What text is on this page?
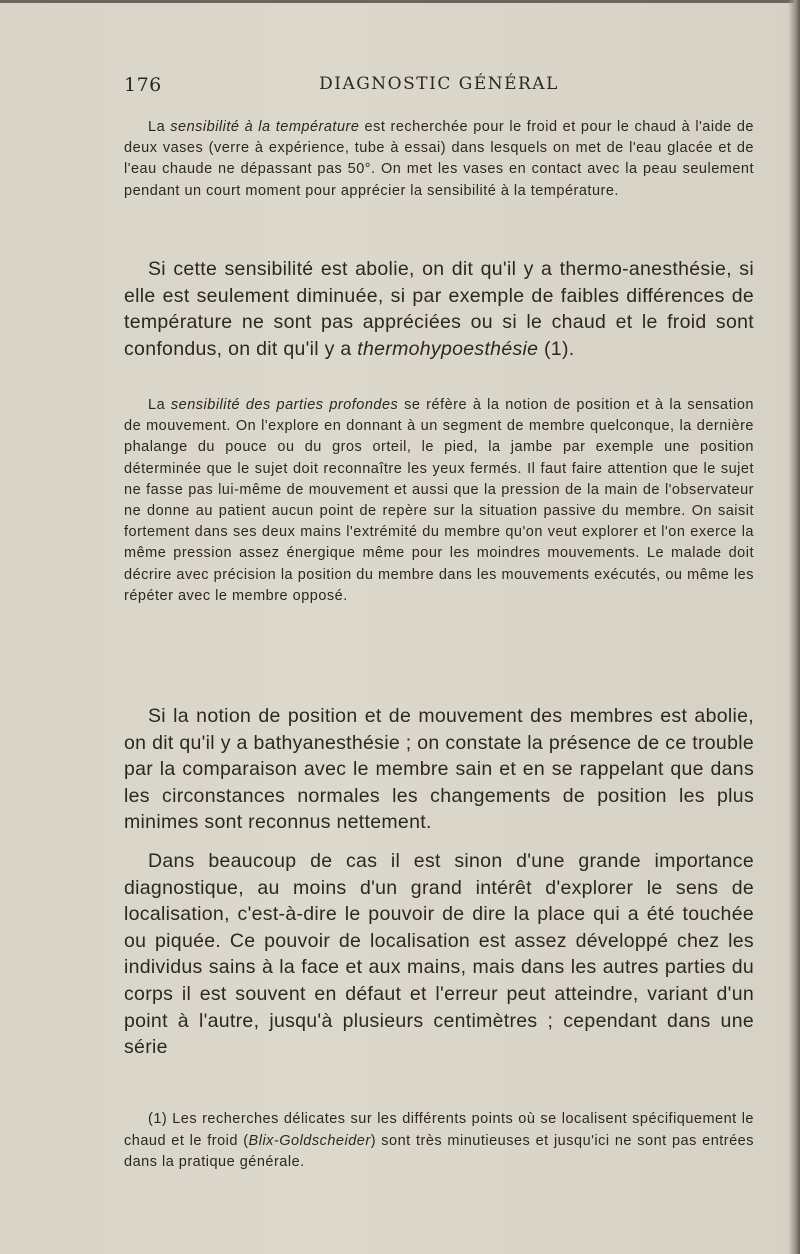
176	DIAGNOSTIC GÉNÉRAL

La sensibilité à la température est recherchée pour le froid et pour le chaud à l'aide de deux vases (verre à expérience, tube à essai) dans lesquels on met de l'eau glacée et de l'eau chaude ne dépassant pas 50°. On met les vases en contact avec la peau seulement pendant un court moment pour apprécier la sensibilité à la température.

Si cette sensibilité est abolie, on dit qu'il y a thermo-anesthésie, si elle est seulement diminuée, si par exemple de faibles différences de température ne sont pas appréciées ou si le chaud et le froid sont confondus, on dit qu'il y a thermohypoesthésie (1).

La sensibilité des parties profondes se réfère à la notion de position et à la sensation de mouvement. On l'explore en donnant à un segment de membre quelconque, la dernière phalange du pouce ou du gros orteil, le pied, la jambe par exemple une position déterminée que le sujet doit reconnaître les yeux fermés. Il faut faire attention que le sujet ne fasse pas lui-même de mouvement et aussi que la pression de la main de l'observateur ne donne au patient aucun point de repère sur la situation passive du membre. On saisit fortement dans ses deux mains l'extrémité du membre qu'on veut explorer et l'on exerce la même pression assez énergique même pour les moindres mouvements. Le malade doit décrire avec précision la position du membre dans les mouvements exécutés, ou même les répéter avec le membre opposé.

Si la notion de position et de mouvement des membres est abolie, on dit qu'il y a bathyanesthésie ; on constate la présence de ce trouble par la comparaison avec le membre sain et en se rappelant que dans les circonstances normales les changements de position les plus minimes sont reconnus nettement.

Dans beaucoup de cas il est sinon d'une grande importance diagnostique, au moins d'un grand intérêt d'explorer le sens de localisation, c'est-à-dire le pouvoir de dire la place qui a été touchée ou piquée. Ce pouvoir de localisation est assez développé chez les individus sains à la face et aux mains, mais dans les autres parties du corps il est souvent en défaut et l'erreur peut atteindre, variant d'un point à l'autre, jusqu'à plusieurs centimètres ; cependant dans une série

(1) Les recherches délicates sur les différents points où se localisent spécifiquement le chaud et le froid (Blix-Goldscheider) sont très minutieuses et jusqu'ici ne sont pas entrées dans la pratique générale.
